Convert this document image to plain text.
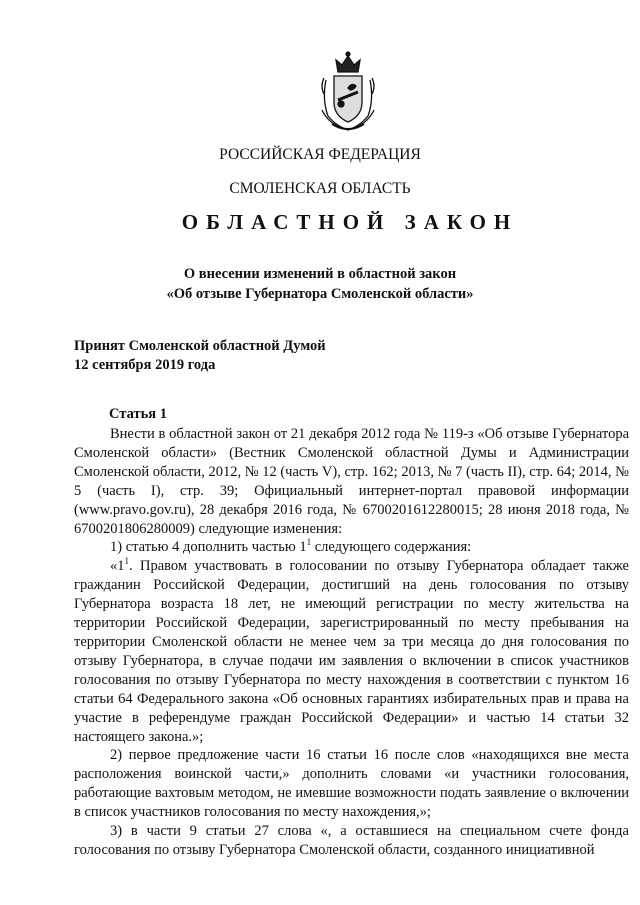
РОССИЙСКАЯ ФЕДЕРАЦИЯ
СМОЛЕНСКАЯ ОБЛАСТЬ
ОБЛАСТНОЙ ЗАКОН
О внесении изменений в областной закон
«Об отзыве Губернатора Смоленской области»
Принят Смоленской областной Думой
12 сентября 2019 года
Статья 1

Внести в областной закон от 21 декабря 2012 года № 119-з «Об отзыве Губернатора Смоленской области» (Вестник Смоленской областной Думы и Администрации Смоленской области, 2012, № 12 (часть V), стр. 162; 2013, № 7 (часть II), стр. 64; 2014, № 5 (часть I), стр. 39; Официальный интернет-портал правовой информации (www.pravo.gov.ru), 28 декабря 2016 года, № 6700201612280015; 28 июня 2018 года, № 6700201806280009) следующие изменения:

1) статью 4 дополнить частью $1^1$ следующего содержания:

«$1^1$. Правом участвовать в голосовании по отзыву Губернатора обладает также гражданин Российской Федерации, достигший на день голосования по отзыву Губернатора возраста 18 лет, не имеющий регистрации по месту жительства на территории Российской Федерации, зарегистрированный по месту пребывания на территории Смоленской области не менее чем за три месяца до дня голосования по отзыву Губернатора, в случае подачи им заявления о включении в список участников голосования по отзыву Губернатора по месту нахождения в соответствии с пунктом 16 статьи 64 Федерального закона «Об основных гарантиях избирательных прав и права на участие в референдуме граждан Российской Федерации» и частью 14 статьи 32 настоящего закона.»;

2) первое предложение части 16 статьи 16 после слов «находящихся вне места расположения воинской части,» дополнить словами «и участники голосования, работающие вахтовым методом, не имевшие возможности подать заявление о включении в список участников голосования по месту нахождения,»;

3) в части 9 статьи 27 слова «, а оставшиеся на специальном счете фонда голосования по отзыву Губернатора Смоленской области, созданного инициативной
